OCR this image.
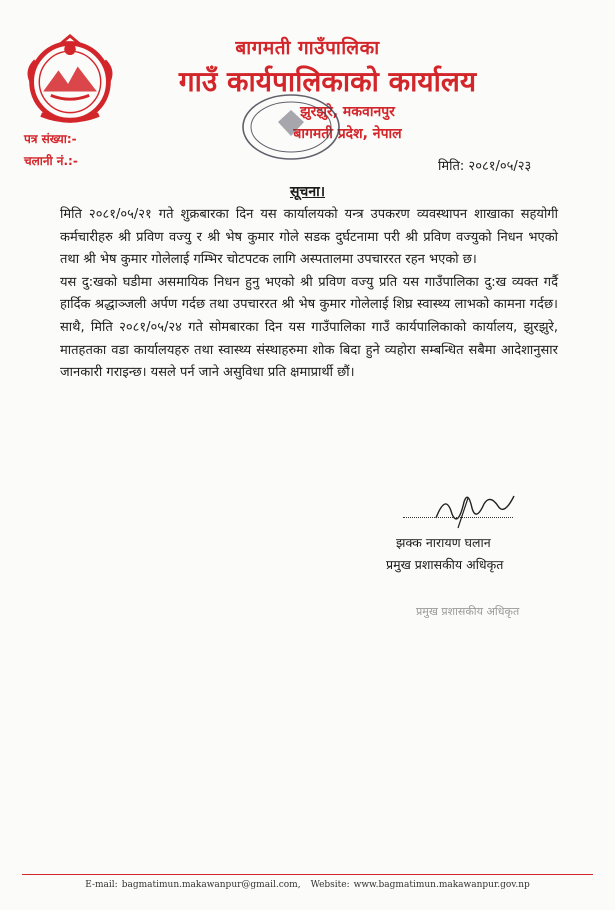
बागमती गाउँपालिका
गाउँ कार्यपालिकाको कार्यालय
झुरझुरे, मकवानपुर
बागमती प्रदेश, नेपाल
पत्र संख्या:-
चलानी नं.:-	मिति: २०८१/०५/२३
सूचना।

मिति २०८१/०५/२१ गते शुक्रबारका दिन यस कार्यालयको यन्त्र उपकरण व्यवस्थापन शाखाका सहयोगी कर्मचारीहरु श्री प्रविण वज्यु र श्री भेष कुमार गोले सडक दुर्घटनामा परी श्री प्रविण वज्युको निधन भएको तथा श्री भेष कुमार गोलेलाई गम्भिर चोटपटक लागि अस्पतालमा उपचाररत रहन भएको छ।

यस दु:खको घडीमा असमायिक निधन हुनु भएको श्री प्रविण वज्यु प्रति यस गाउँपालिका दु:ख व्यक्त गर्दै हार्दिक श्रद्धाञ्जली अर्पण गर्दछ तथा उपचाररत श्री भेष कुमार गोलेलाई शिघ्र स्वास्थ्य लाभको कामना गर्दछ। साथै, मिति २०८१/०५/२४ गते सोमबारका दिन यस गाउँपालिका गाउँ कार्यपालिकाको कार्यालय, झुरझुरे, मातहतका वडा कार्यालयहरु तथा स्वास्थ्य संस्थाहरुमा शोक बिदा हुने व्यहोरा सम्बन्धित सबैमा आदेशानुसार जानकारी गराइन्छ। यसले पर्न जाने असुविधा प्रति क्षमाप्रार्थी छौं।

झक्क नारायण घलान
प्रमुख प्रशासकीय अधिकृत
प्रमुख प्रशासकीय अधिकृत
E-mail: bagmatimun.makawanpur@gmail.com, Website: www.bagmatimun.makawanpur.gov.np
